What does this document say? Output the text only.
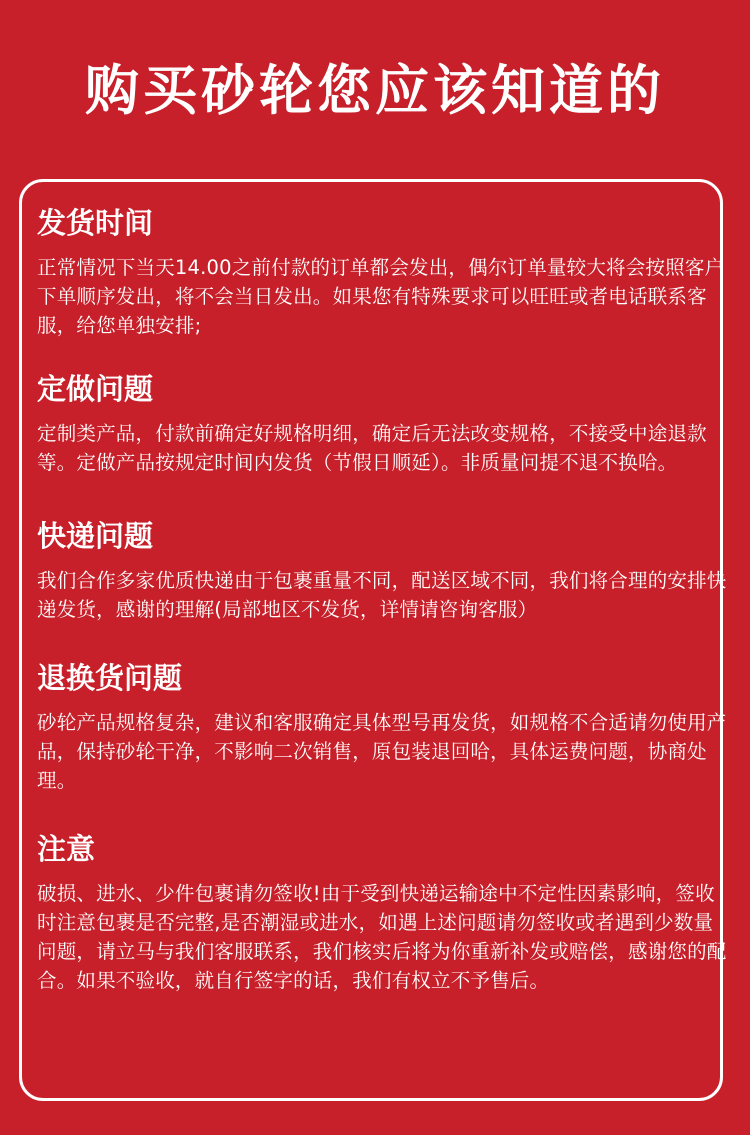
购买砂轮您应该知道的
发货时间

正常情况下当天14.00之前付款的订单都会发出，偶尔订单量较大将会按照客户下单顺序发出，将不会当日发出。如果您有特殊要求可以旺旺或者电话联系客服，给您单独安排;

定做问题

定制类产品，付款前确定好规格明细，确定后无法改变规格，不接受中途退款等。定做产品按规定时间内发货（节假日顺延）。非质量问提不退不换哈。

快递问题

我们合作多家优质快递由于包裹重量不同，配送区域不同，我们将合理的安排快递发货，感谢的理解(局部地区不发货，详情请咨询客服）

退换货问题

砂轮产品规格复杂，建议和客服确定具体型号再发货，如规格不合适请勿使用产品，保持砂轮干净，不影响二次销售，原包装退回哈，具体运费问题，协商处理。

注意

破损、进水、少件包裹请勿签收!由于受到快递运输途中不定性因素影响，签收时注意包裹是否完整,是否潮湿或进水，如遇上述问题请勿签收或者遇到少数量问题，请立马与我们客服联系，我们核实后将为你重新补发或赔偿，感谢您的配合。如果不验收，就自行签字的话，我们有权立不予售后。
